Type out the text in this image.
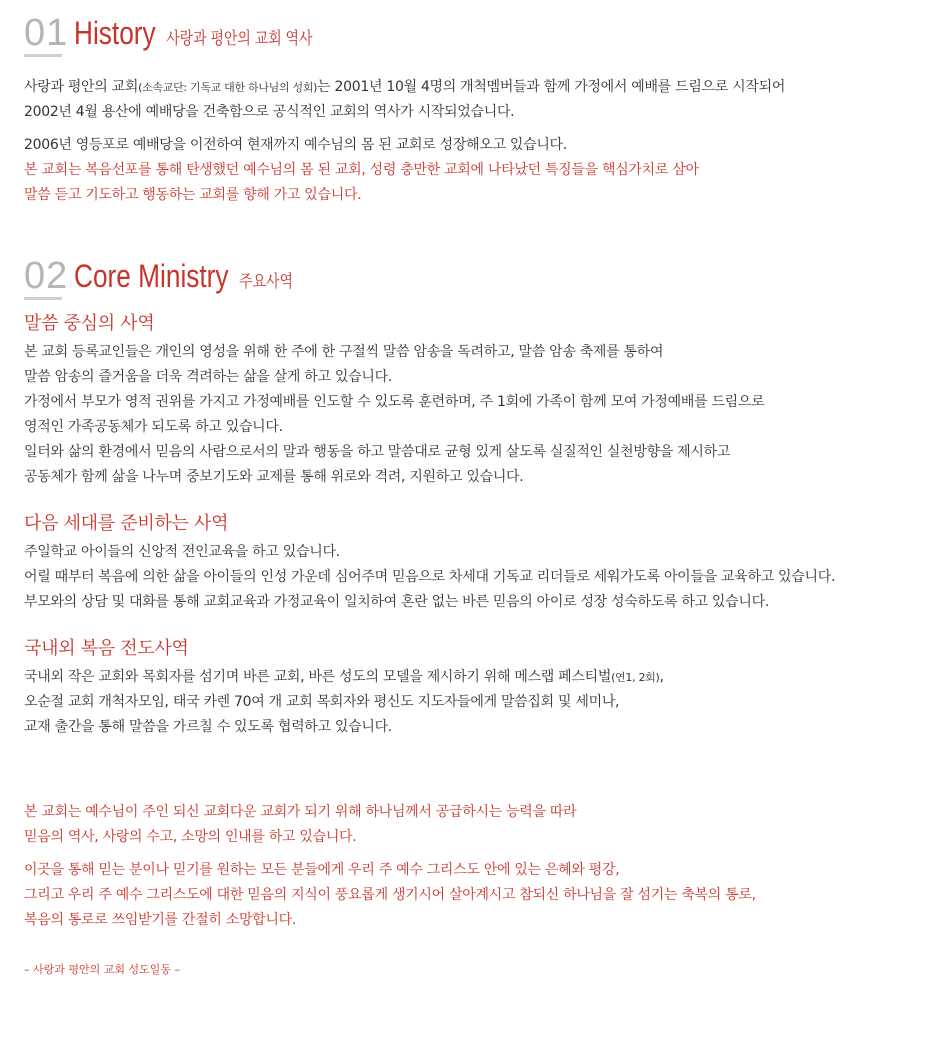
01 History 사랑과 평안의 교회 역사
사랑과 평안의 교회(소속교단: 기독교 대한 하나님의 성회)는 2001년 10월 4명의 개척멤버들과 함께 가정에서 예배를 드림으로 시작되어
2002년 4월 용산에 예배당을 건축함으로 공식적인 교회의 역사가 시작되었습니다.
2006년 영등포로 예배당을 이전하여 현재까지 예수님의 몸 된 교회로 성장해오고 있습니다.
본 교회는 복음선포를 통해 탄생했던 예수님의 몸 된 교회, 성령 충만한 교회에 나타났던 특징들을 핵심가치로 삼아
말씀 듣고 기도하고 행동하는 교회를 향해 가고 있습니다.
02 Core Ministry 주요사역
말씀 중심의 사역
본 교회 등록교인들은 개인의 영성을 위해 한 주에 한 구절씩 말씀 암송을 독려하고, 말씀 암송 축제를 통하여
말씀 암송의 즐거움을 더욱 격려하는 삶을 살게 하고 있습니다.
가정에서 부모가 영적 권위를 가지고 가정예배를 인도할 수 있도록 훈련하며, 주 1회에 가족이 함께 모여 가정예배를 드림으로
영적인 가족공동체가 되도록 하고 있습니다.
일터와 삶의 환경에서 믿음의 사람으로서의 말과 행동을 하고 말씀대로 균형 있게 살도록 실질적인 실천방향을 제시하고
공동체가 함께 삶을 나누며 중보기도와 교제를 통해 위로와 격려, 지원하고 있습니다.
다음 세대를 준비하는 사역
주일학교 아이들의 신앙적 전인교육을 하고 있습니다.
어릴 때부터 복음에 의한 삶을 아이들의 인성 가운데 심어주며 믿음으로 차세대 기독교 리더들로 세워가도록 아이들을 교육하고 있습니다.
부모와의 상담 및 대화를 통해 교회교육과 가정교육이 일치하여 혼란 없는 바른 믿음의 아이로 성장 성숙하도록 하고 있습니다.
국내외 복음 전도사역
국내외 작은 교회와 목회자를 섬기며 바른 교회, 바른 성도의 모델을 제시하기 위해 메스랩 페스티벌(연1, 2회),
오순절 교회 개척자모임, 태국 카렌 70여 개 교회 목회자와 평신도 지도자들에게 말씀집회 및 세미나,
교재 출간을 통해 말씀을 가르칠 수 있도록 협력하고 있습니다.
본 교회는 예수님이 주인 되신 교회다운 교회가 되기 위해 하나님께서 공급하시는 능력을 따라
믿음의 역사, 사랑의 수고, 소망의 인내를 하고 있습니다.
이곳을 통해 믿는 분이나 믿기를 원하는 모든 분들에게 우리 주 예수 그리스도 안에 있는 은혜와 평강,
그리고 우리 주 예수 그리스도에 대한 믿음의 지식이 풍요롭게 생기시어 살아계시고 참되신 하나님을 잘 섬기는 축복의 통로,
복음의 통로로 쓰임받기를 간절히 소망합니다.
– 사랑과 평안의 교회 성도일동 –
